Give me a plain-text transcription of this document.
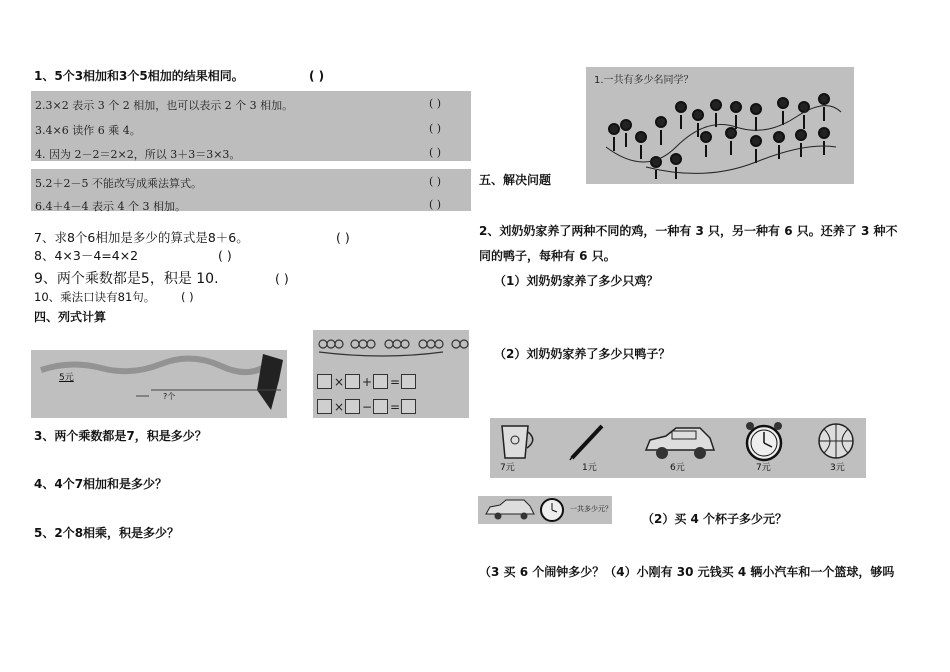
1、5个3相加和3个5相加的结果相同。	( )
2.3×2 表示 3 个 2 相加，也可以表示 2 个 3 相加。	( )
3.4×6 读作 6 乘 4。	( )
4. 因为 2－2＝2×2，所以 3＋3＝3×3。	( )
5.2＋2－5 不能改写成乘法算式。	( )
6.4＋4－4 表示 4 个 3 相加。	( )
7、求8个6相加是多少的算式是8＋6。	( )
8、4×3－4=4×2	( )
9、两个乘数都是5，积是 10.	( )
10、乘法口诀有81句。 ( )
四、列式计算
5元
?个
× + =
× − =
3、两个乘数都是7，积是多少？
4、4个7相加和是多少？
5、2个8相乘，积是多少？
1.一共有多少名同学？
五、解决问题
2、刘奶奶家养了两种不同的鸡，一种有 3 只，另一种有 6 只。还养了 3 种不
同的鸭子，每种有 6 只。
（1）刘奶奶家养了多少只鸡？
（2）刘奶奶家养了多少只鸭子？
7元	1元	6元	7元	3元
一共多少元？
（2）买 4 个杯子多少元？
（3 买 6 个闹钟多少？（4）小刚有 30 元钱买 4 辆小汽车和一个篮球，够吗
